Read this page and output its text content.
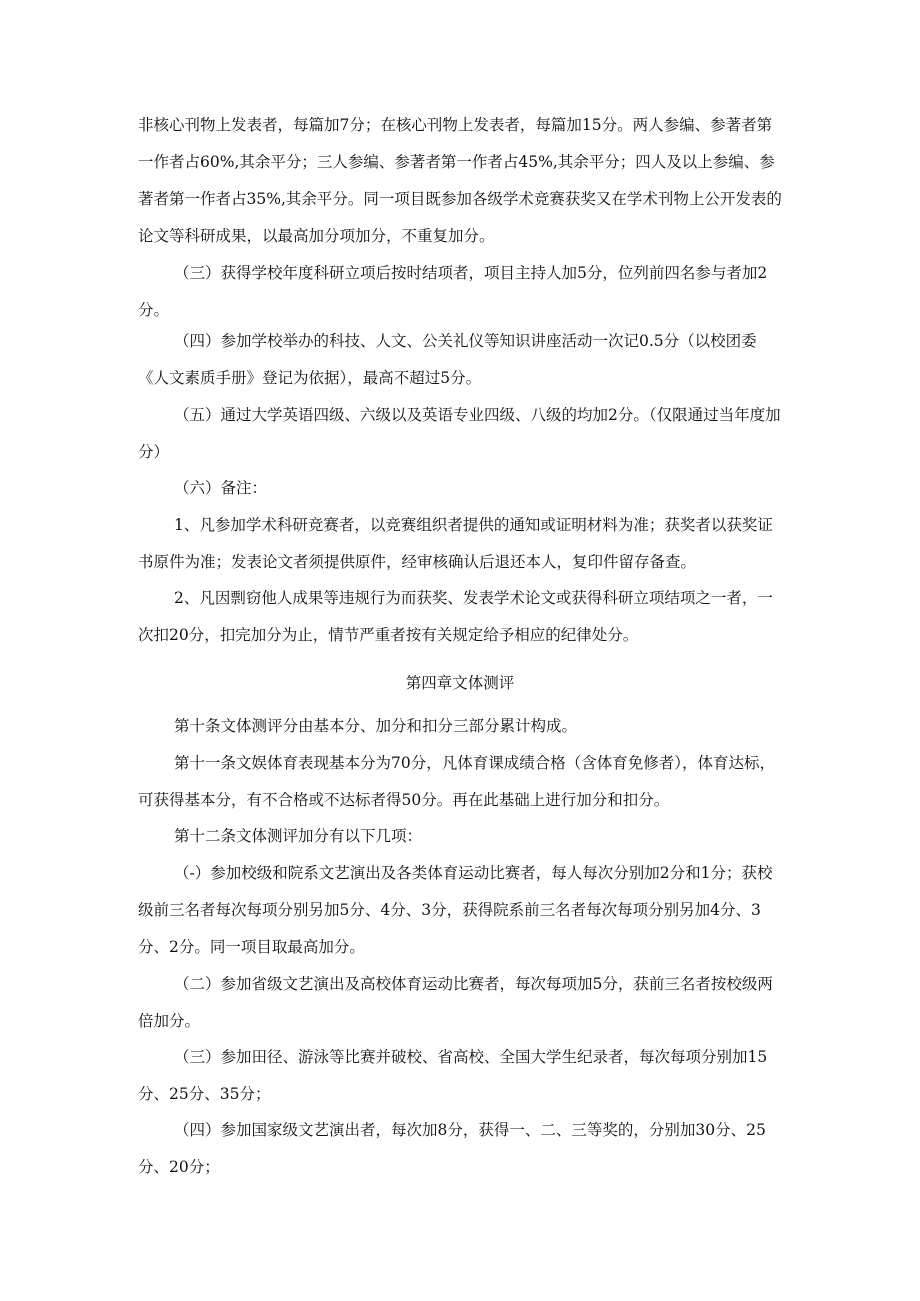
非核心刊物上发表者，每篇加7分；在核心刊物上发表者，每篇加15分。两人参编、参著者第一作者占60%,其余平分；三人参编、参著者第一作者占45%,其余平分；四人及以上参编、参著者第一作者占35%,其余平分。同一项目既参加各级学术竞赛获奖又在学术刊物上公开发表的论文等科研成果，以最高加分项加分，不重复加分。

（三）获得学校年度科研立项后按时结项者，项目主持人加5分，位列前四名参与者加2分。

（四）参加学校举办的科技、人文、公关礼仪等知识讲座活动一次记0.5分（以校团委《人文素质手册》登记为依据），最高不超过5分。

（五）通过大学英语四级、六级以及英语专业四级、八级的均加2分。（仅限通过当年度加分）

（六）备注：

1、凡参加学术科研竞赛者，以竞赛组织者提供的通知或证明材料为准；获奖者以获奖证书原件为准；发表论文者须提供原件，经审核确认后退还本人，复印件留存备查。

2、凡因剽窃他人成果等违规行为而获奖、发表学术论文或获得科研立项结项之一者，一次扣20分，扣完加分为止，情节严重者按有关规定给予相应的纪律处分。

第四章文体测评

第十条文体测评分由基本分、加分和扣分三部分累计构成。

第十一条文娱体育表现基本分为70分，凡体育课成绩合格（含体育免修者），体育达标，可获得基本分，有不合格或不达标者得50分。再在此基础上进行加分和扣分。

第十二条文体测评加分有以下几项：

（-）参加校级和院系文艺演出及各类体育运动比赛者，每人每次分别加2分和1分；获校级前三名者每次每项分别另加5分、4分、3分，获得院系前三名者每次每项分别另加4分、3分、2分。同一项目取最高加分。

（二）参加省级文艺演出及高校体育运动比赛者，每次每项加5分，获前三名者按校级两倍加分。

（三）参加田径、游泳等比赛并破校、省高校、全国大学生纪录者，每次每项分别加15分、25分、35分；

（四）参加国家级文艺演出者，每次加8分，获得一、二、三等奖的，分别加30分、25分、20分；
